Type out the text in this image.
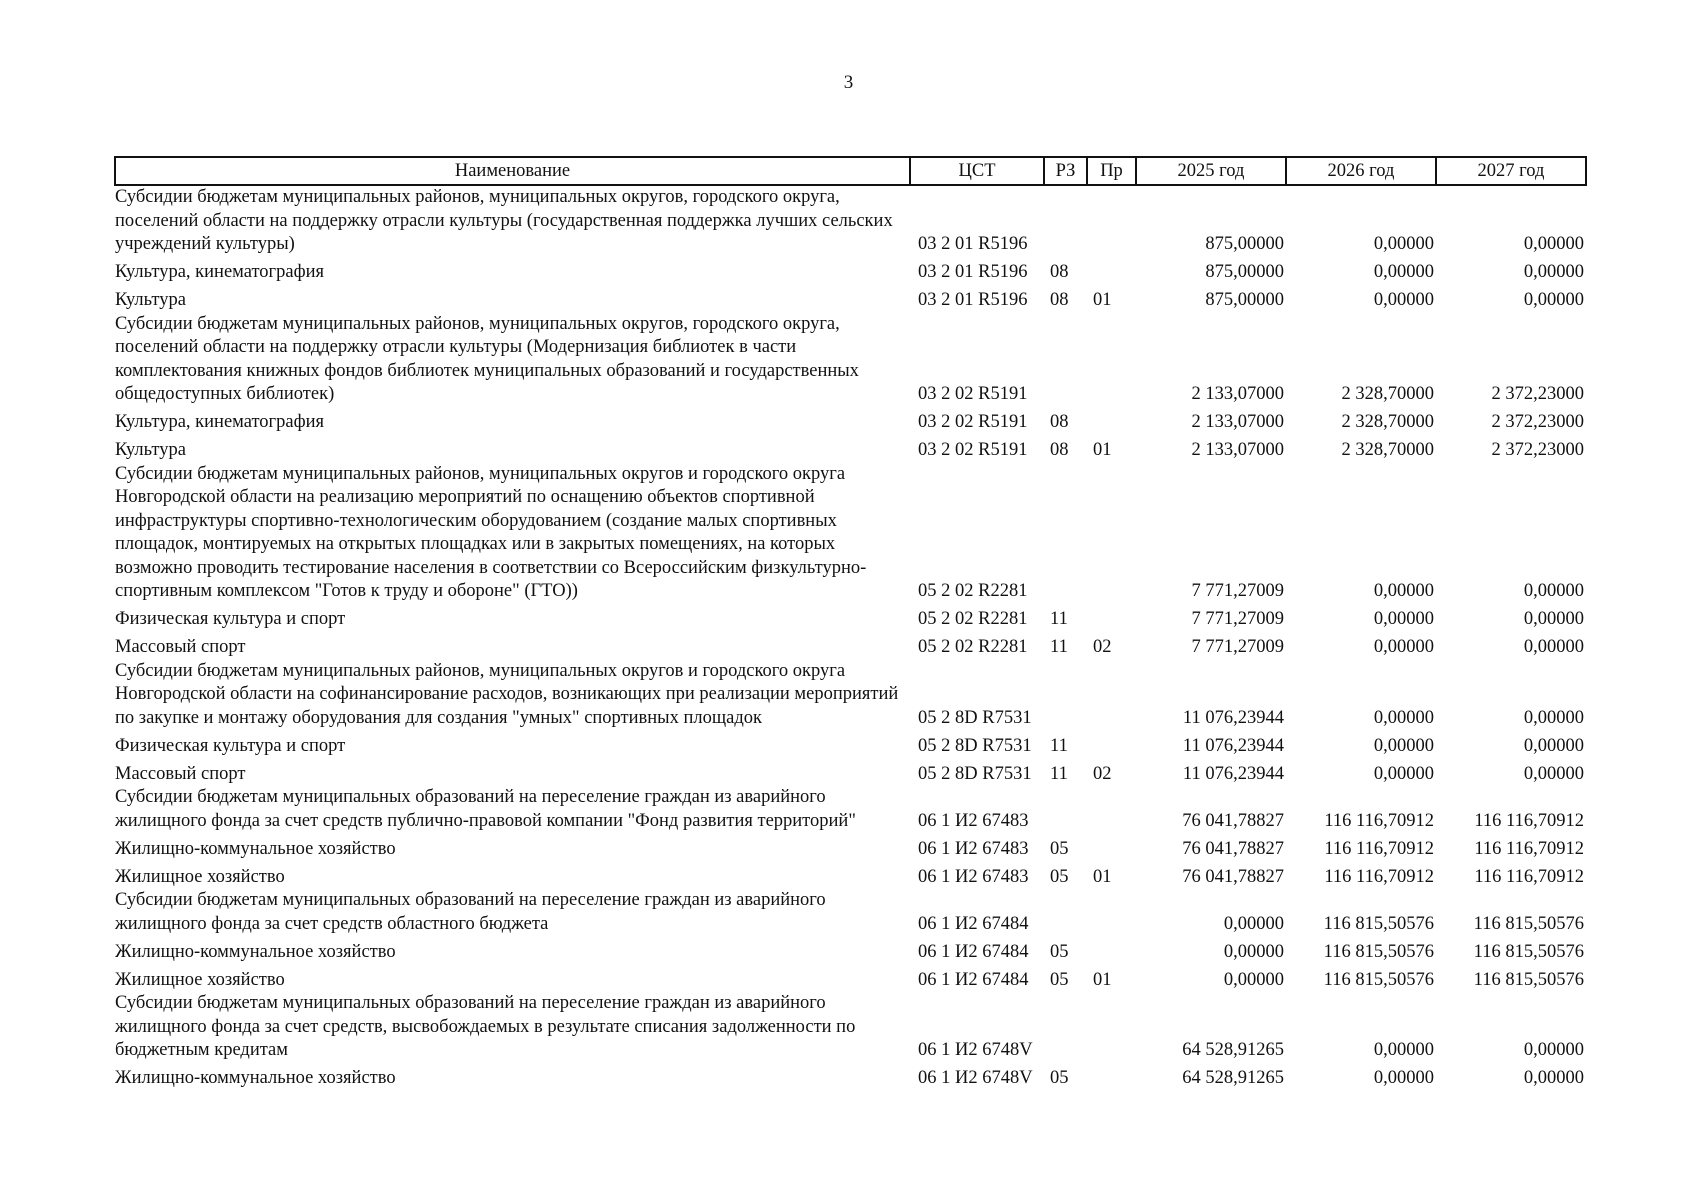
3
Наименование	ЦСТ	РЗ	Пр	2025 год	2026 год	2027 год
Субсидии бюджетам муниципальных районов, муниципальных округов, городского округа, поселений области на поддержку отрасли культуры (государственная поддержка лучших сельских учреждений культуры)	03 2 01 R5196			875,00000	0,00000	0,00000
Культура, кинематография	03 2 01 R5196	08		875,00000	0,00000	0,00000
Культура	03 2 01 R5196	08	01	875,00000	0,00000	0,00000
Субсидии бюджетам муниципальных районов, муниципальных округов, городского округа, поселений области на поддержку отрасли культуры (Модернизация библиотек в части комплектования книжных фондов библиотек муниципальных образований и государственных общедоступных библиотек)	03 2 02 R5191			2 133,07000	2 328,70000	2 372,23000
Культура, кинематография	03 2 02 R5191	08		2 133,07000	2 328,70000	2 372,23000
Культура	03 2 02 R5191	08	01	2 133,07000	2 328,70000	2 372,23000
Субсидии бюджетам муниципальных районов, муниципальных округов и городского округа Новгородской области на реализацию мероприятий по оснащению объектов спортивной инфраструктуры спортивно-технологическим оборудованием (создание малых спортивных площадок, монтируемых на открытых площадках или в закрытых помещениях, на которых возможно проводить тестирование населения в соответствии со Всероссийским физкультурно-спортивным комплексом "Готов к труду и обороне" (ГТО))	05 2 02 R2281			7 771,27009	0,00000	0,00000
Физическая культура и спорт	05 2 02 R2281	11		7 771,27009	0,00000	0,00000
Массовый спорт	05 2 02 R2281	11	02	7 771,27009	0,00000	0,00000
Субсидии бюджетам муниципальных районов, муниципальных округов и городского округа Новгородской области на софинансирование расходов, возникающих при реализации мероприятий по закупке и монтажу оборудования для создания "умных" спортивных площадок	05 2 8D R7531			11 076,23944	0,00000	0,00000
Физическая культура и спорт	05 2 8D R7531	11		11 076,23944	0,00000	0,00000
Массовый спорт	05 2 8D R7531	11	02	11 076,23944	0,00000	0,00000
Субсидии бюджетам муниципальных образований на переселение граждан из аварийного жилищного фонда за счет средств публично-правовой компании "Фонд развития территорий"	06 1 И2 67483			76 041,78827	116 116,70912	116 116,70912
Жилищно-коммунальное хозяйство	06 1 И2 67483	05		76 041,78827	116 116,70912	116 116,70912
Жилищное хозяйство	06 1 И2 67483	05	01	76 041,78827	116 116,70912	116 116,70912
Субсидии бюджетам муниципальных образований на переселение граждан из аварийного жилищного фонда за счет средств областного бюджета	06 1 И2 67484			0,00000	116 815,50576	116 815,50576
Жилищно-коммунальное хозяйство	06 1 И2 67484	05		0,00000	116 815,50576	116 815,50576
Жилищное хозяйство	06 1 И2 67484	05	01	0,00000	116 815,50576	116 815,50576
Субсидии бюджетам муниципальных образований на переселение граждан из аварийного жилищного фонда за счет средств, высвобождаемых в результате списания задолженности по бюджетным кредитам	06 1 И2 6748V			64 528,91265	0,00000	0,00000
Жилищно-коммунальное хозяйство	06 1 И2 6748V	05		64 528,91265	0,00000	0,00000
